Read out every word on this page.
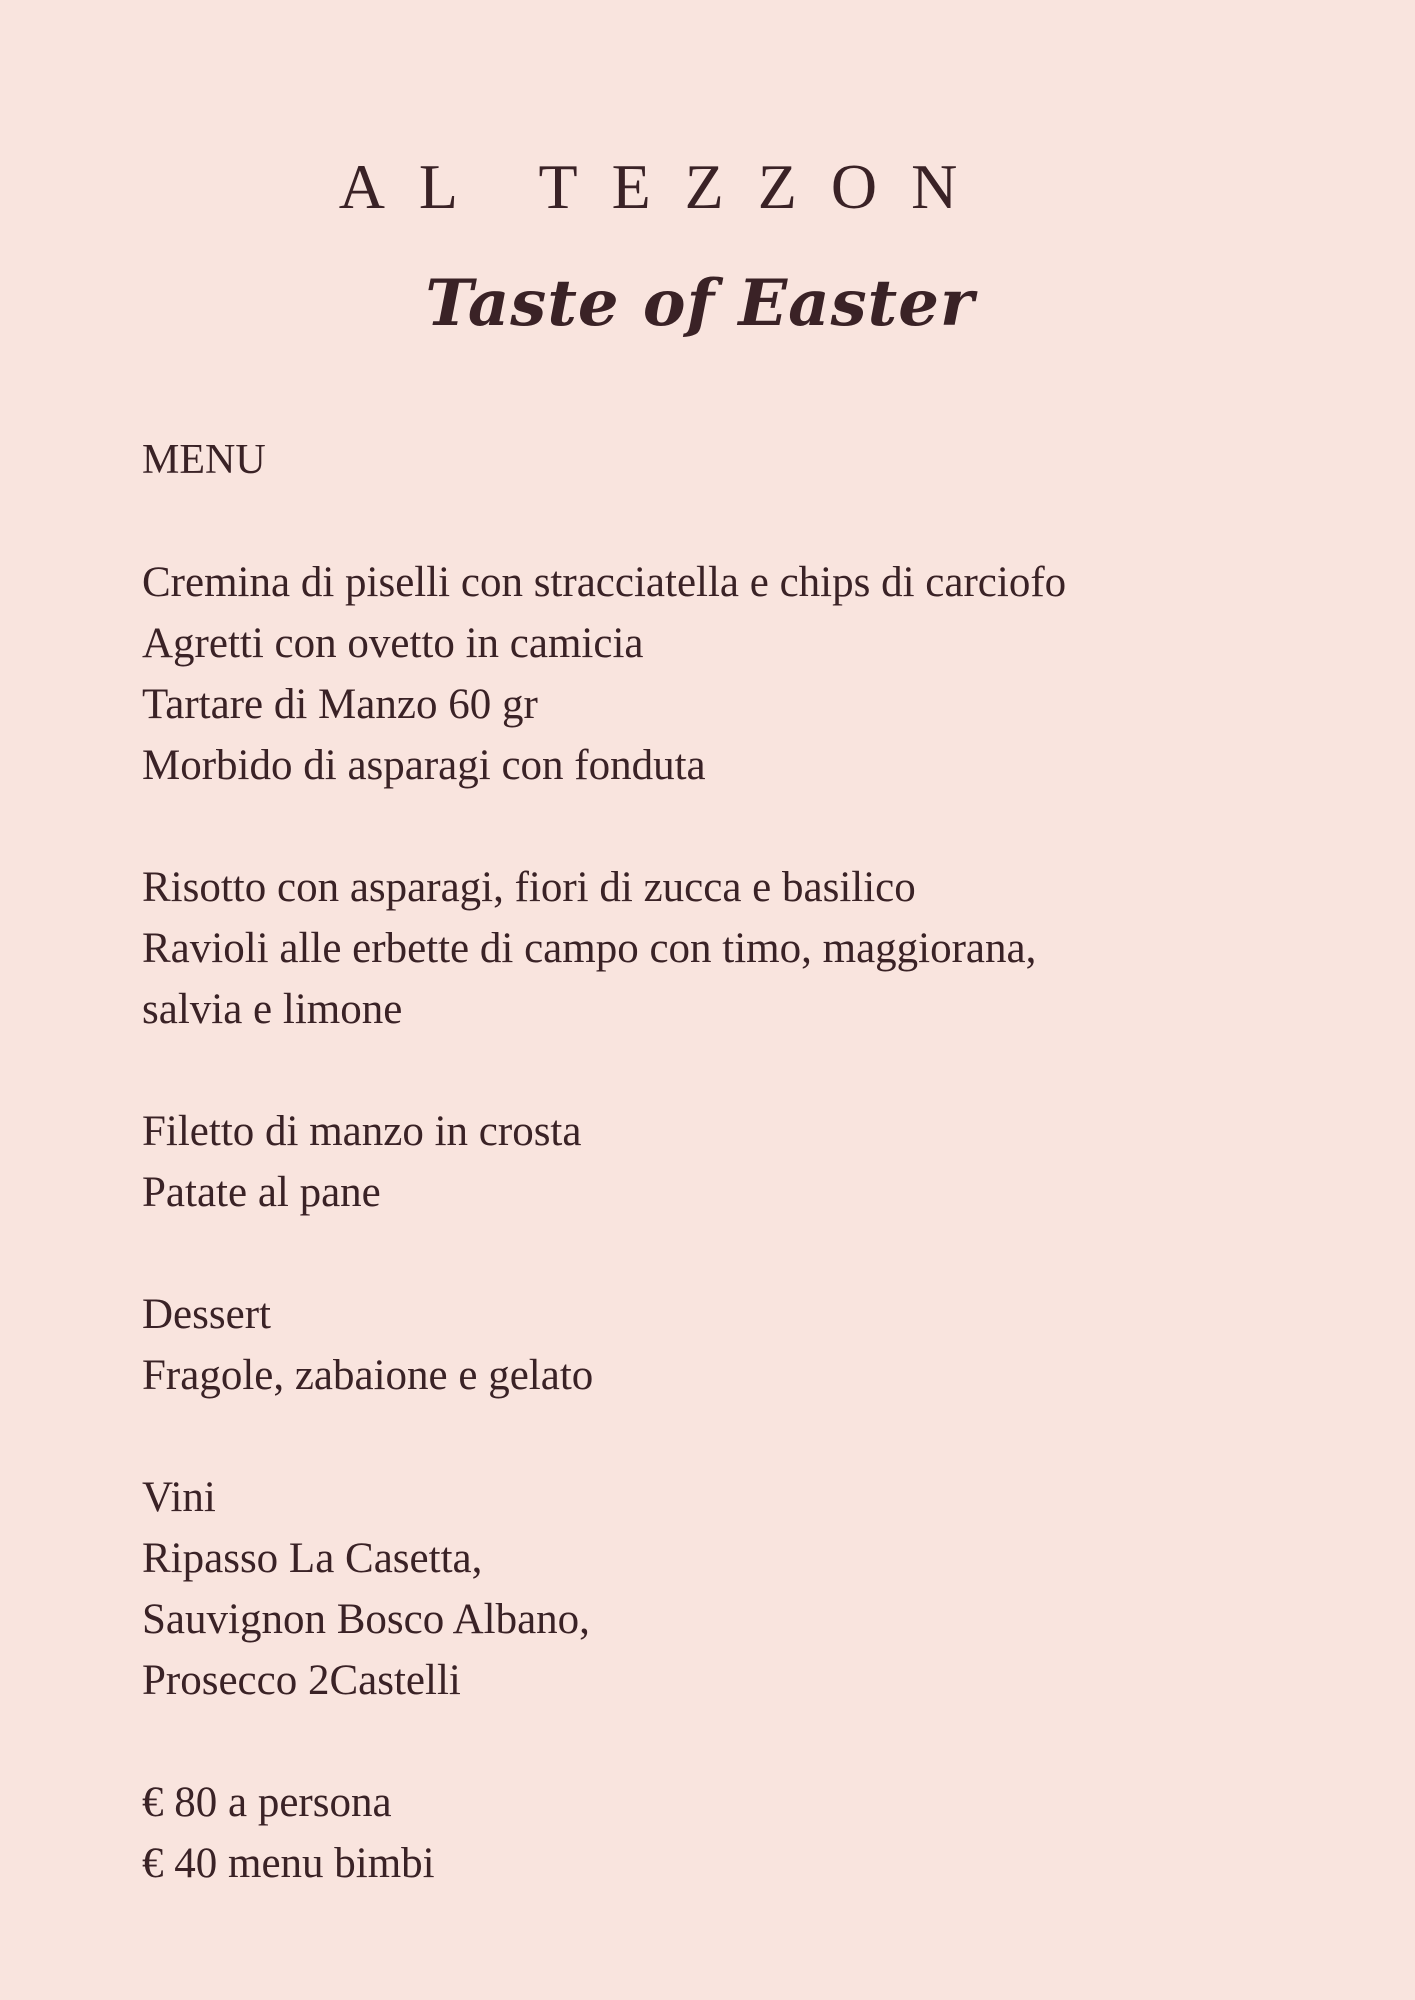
AL TEZZON
Taste of Easter
MENU
Cremina di piselli con stracciatella e chips di carciofo
Agretti con ovetto in camicia
Tartare di Manzo 60 gr
Morbido di asparagi con fonduta
Risotto con asparagi, fiori di zucca e basilico
Ravioli alle erbette di campo con timo, maggiorana,
salvia e limone
Filetto di manzo in crosta
Patate al pane
Dessert
Fragole, zabaione e gelato
Vini
Ripasso La Casetta,
Sauvignon Bosco Albano,
Prosecco 2Castelli
€ 80 a persona
€ 40 menu bimbi
